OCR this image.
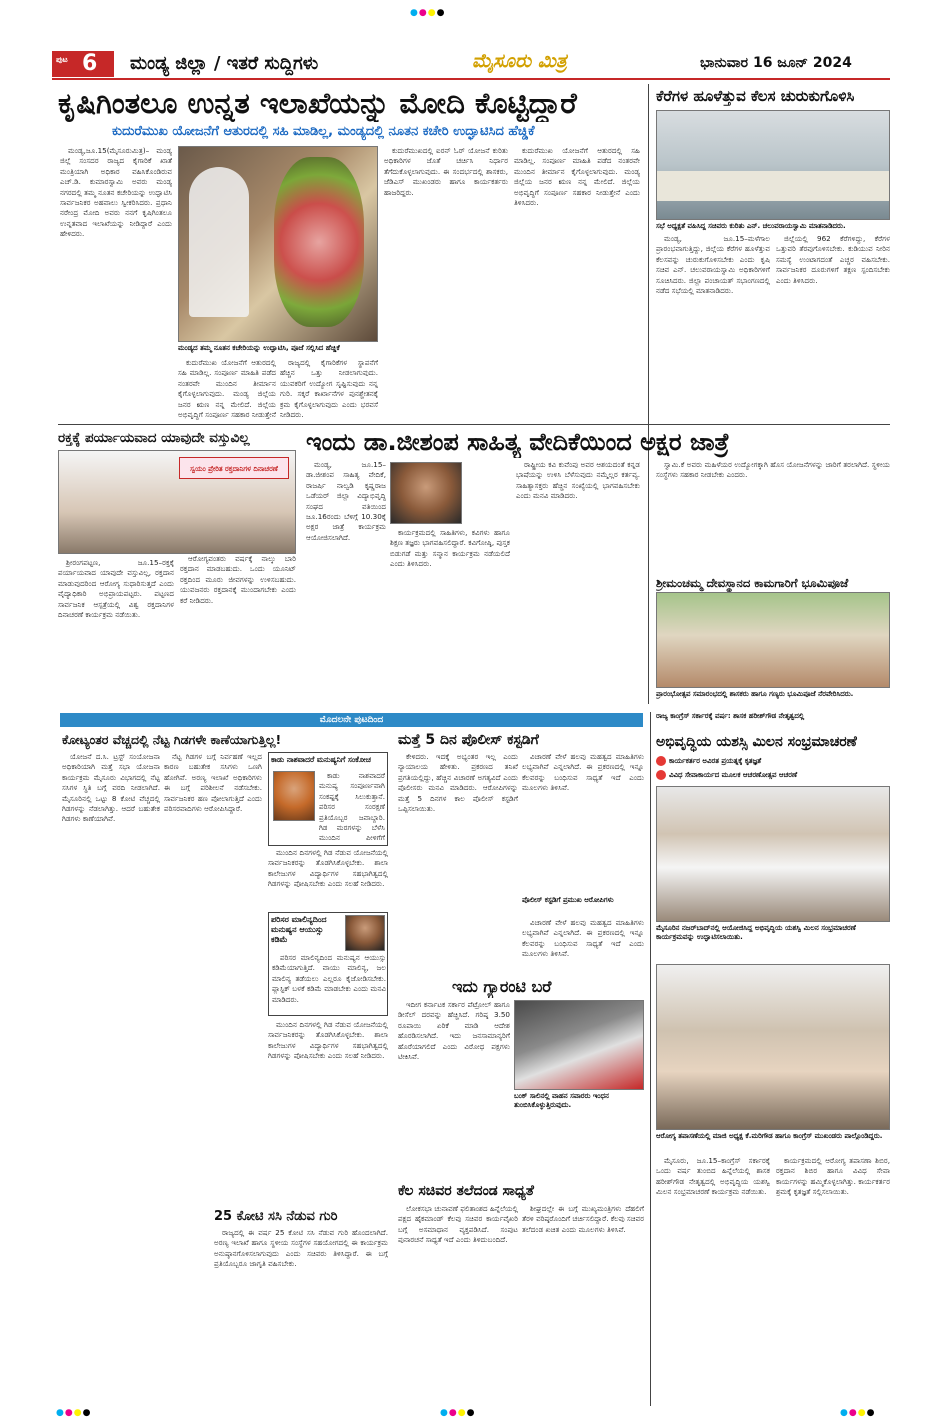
●●●●
ಪುಟ 6 ಮಂಡ್ಯ ಜಿಲ್ಲಾ / ಇತರೆ ಸುದ್ದಿಗಳು	ಮೈಸೂರು ಮಿತ್ರ	ಭಾನುವಾರ 16 ಜೂನ್ 2024
ಕೃಷಿಗಿಂತಲೂ ಉನ್ನತ ಇಲಾಖೆಯನ್ನು ಮೋದಿ ಕೊಟ್ಟಿದ್ದಾರೆ
ಕುದುರೆಮುಖ ಯೋಜನೆಗೆ ಆತುರದಲ್ಲಿ ಸಹಿ ಮಾಡಿಲ್ಲ, ಮಂಡ್ಯದಲ್ಲಿ ನೂತನ ಕಚೇರಿ ಉದ್ಘಾಟಿಸಿದ ಹೆಚ್ಡಿಕೆ

ಮಂಡ್ಯ,ಜೂ.15(ಮೈಸೂರುಮಿತ್ರ)– ಮಂಡ್ಯ ಜಿಲ್ಲೆ ಸಂಸದರ ರಾಜ್ಯದ ಕೈಗಾರಿಕೆ ಖಾತೆ ಮಂತ್ರಿಯಾಗಿ ಅಧಿಕಾರ ವಹಿಸಿಕೊಂಡಿರುವ ಎಚ್.ಡಿ. ಕುಮಾರಸ್ವಾಮಿ ಅವರು ಮಂಡ್ಯ ನಗರದಲ್ಲಿ ತಮ್ಮ ನೂತನ ಕಚೇರಿಯನ್ನು ಉದ್ಘಾಟಿಸಿ ಸಾರ್ವಜನಿಕರ ಅಹವಾಲು ಸ್ವೀಕರಿಸಿದರು. ಪ್ರಧಾನಿ ನರೇಂದ್ರ ಮೋದಿ ಅವರು ನನಗೆ ಕೃಷಿಗಿಂತಲೂ ಉನ್ನತವಾದ ಇಲಾಖೆಯನ್ನು ನೀಡಿದ್ದಾರೆ ಎಂದು ಹೇಳಿದರು.

ಮಂಡ್ಯದ ತಮ್ಮ ನೂತನ ಕಚೇರಿಯನ್ನು ಉದ್ಘಾಟಿಸಿ, ಪೂಜೆ ಸಲ್ಲಿಸಿದ ಹೆಚ್ಡಿಕೆ

ಕುದುರೆಮುಖ ಯೋಜನೆಗೆ ಆತುರದಲ್ಲಿ ಸಹಿ ಮಾಡಿಲ್ಲ. ಸಂಪೂರ್ಣ ಮಾಹಿತಿ ಪಡೆದ ನಂತರವೇ ಮುಂದಿನ ತೀರ್ಮಾನ ಕೈಗೊಳ್ಳಲಾಗುವುದು. ಮಂಡ್ಯ ಜಿಲ್ಲೆಯ ಜನರ ಋಣ ನನ್ನ ಮೇಲಿದೆ. ಜಿಲ್ಲೆಯ ಅಭಿವೃದ್ಧಿಗೆ ಸಂಪೂರ್ಣ ಸಹಕಾರ ನೀಡುತ್ತೇನೆ

ರಾಜ್ಯದಲ್ಲಿ ಕೈಗಾರಿಕೆಗಳ ಸ್ಥಾಪನೆಗೆ ಹೆಚ್ಚಿನ ಒತ್ತು ನೀಡಲಾಗುವುದು. ಯುವಕರಿಗೆ ಉದ್ಯೋಗ ಸೃಷ್ಟಿಸುವುದು ನನ್ನ ಗುರಿ. ಸಕ್ಕರೆ ಕಾರ್ಖಾನೆಗಳ ಪುನಶ್ಚೇತನಕ್ಕೆ ಕ್ರಮ ಕೈಗೊಳ್ಳಲಾಗುವುದು ಎಂದು ಭರವಸೆ ನೀಡಿದರು.

ಕುದುರೆಮುಖದಲ್ಲಿ ಐರನ್ ಓರ್ ಯೋಜನೆ ಕುರಿತು ಅಧಿಕಾರಿಗಳ ಜೊತೆ ಚರ್ಚಿಸಿ ನಿರ್ಧಾರ ತೆಗೆದುಕೊಳ್ಳಲಾಗುವುದು. ಈ ಸಂದರ್ಭದಲ್ಲಿ ಶಾಸಕರು, ಜೆಡಿಎಸ್ ಮುಖಂಡರು ಹಾಗೂ ಕಾರ್ಯಕರ್ತರು ಹಾಜರಿದ್ದರು.

ಕುದುರೆಮುಖ ಯೋಜನೆಗೆ ಆತುರದಲ್ಲಿ ಸಹಿ ಮಾಡಿಲ್ಲ. ಸಂಪೂರ್ಣ ಮಾಹಿತಿ ಪಡೆದ ನಂತರವೇ ಮುಂದಿನ ತೀರ್ಮಾನ ಕೈಗೊಳ್ಳಲಾಗುವುದು. ಮಂಡ್ಯ ಜಿಲ್ಲೆಯ ಜನರ ಋಣ ನನ್ನ ಮೇಲಿದೆ. ಜಿಲ್ಲೆಯ ಅಭಿವೃದ್ಧಿಗೆ ಸಂಪೂರ್ಣ ಸಹಕಾರ ನೀಡುತ್ತೇನೆ ಎಂದು ತಿಳಿಸಿದರು.

ಕೆರೆಗಳ ಹೂಳೆತ್ತುವ ಕೆಲಸ ಚುರುಕುಗೊಳಿಸಿ
ಸಭೆ ಅಧ್ಯಕ್ಷತೆ ವಹಿಸಿದ್ದ ಸಚಿವರು ಕುರಿತು ಎನ್. ಚಲುವರಾಯಸ್ವಾಮಿ ಮಾತನಾಡಿದರು.

ಮಂಡ್ಯ, ಜೂ.15–ಮಳೆಗಾಲ ಪ್ರಾರಂಭವಾಗುತ್ತಿದ್ದು, ಜಿಲ್ಲೆಯ ಕೆರೆಗಳ ಹೂಳೆತ್ತುವ ಕೆಲಸವನ್ನು ಚುರುಕುಗೊಳಿಸಬೇಕು ಎಂದು ಕೃಷಿ ಸಚಿವ ಎನ್. ಚಲುವರಾಯಸ್ವಾಮಿ ಅಧಿಕಾರಿಗಳಿಗೆ ಸೂಚಿಸಿದರು. ಜಿಲ್ಲಾ ಪಂಚಾಯತ್ ಸಭಾಂಗಣದಲ್ಲಿ ನಡೆದ ಸಭೆಯಲ್ಲಿ ಮಾತನಾಡಿದರು.

ಜಿಲ್ಲೆಯಲ್ಲಿ 962 ಕೆರೆಗಳಿದ್ದು, ಕೆರೆಗಳ ಒತ್ತುವರಿ ತೆರವುಗೊಳಿಸಬೇಕು. ಕುಡಿಯುವ ನೀರಿನ ಸಮಸ್ಯೆ ಉಂಟಾಗದಂತೆ ಎಚ್ಚರ ವಹಿಸಬೇಕು. ಸಾರ್ವಜನಿಕರ ದೂರುಗಳಿಗೆ ತಕ್ಷಣ ಸ್ಪಂದಿಸಬೇಕು ಎಂದು ತಿಳಿಸಿದರು.

ರಕ್ತಕ್ಕೆ ಪರ್ಯಾಯವಾದ ಯಾವುದೇ ವಸ್ತುವಿಲ್ಲ
ಸ್ವಯಂ ಪ್ರೇರಿತ ರಕ್ತದಾನಿಗಳ ದಿನಾಚರಣೆ

ಶ್ರೀರಂಗಪಟ್ಟಣ, ಜೂ.15–ರಕ್ತಕ್ಕೆ ಪರ್ಯಾಯವಾದ ಯಾವುದೇ ವಸ್ತುವಿಲ್ಲ, ರಕ್ತದಾನ ಮಾಡುವುದರಿಂದ ಆರೋಗ್ಯ ಸುಧಾರಿಸುತ್ತದೆ ಎಂದು ವೈದ್ಯಾಧಿಕಾರಿ ಅಭಿಪ್ರಾಯಪಟ್ಟರು. ಪಟ್ಟಣದ ಸಾರ್ವಜನಿಕ ಆಸ್ಪತ್ರೆಯಲ್ಲಿ ವಿಶ್ವ ರಕ್ತದಾನಿಗಳ ದಿನಾಚರಣೆ ಕಾರ್ಯಕ್ರಮ ನಡೆಯಿತು.

ಆರೋಗ್ಯವಂತರು ವರ್ಷಕ್ಕೆ ನಾಲ್ಕು ಬಾರಿ ರಕ್ತದಾನ ಮಾಡಬಹುದು. ಒಂದು ಯೂನಿಟ್ ರಕ್ತದಿಂದ ಮೂರು ಜೀವಗಳನ್ನು ಉಳಿಸಬಹುದು. ಯುವಜನರು ರಕ್ತದಾನಕ್ಕೆ ಮುಂದಾಗಬೇಕು ಎಂದು ಕರೆ ನೀಡಿದರು.

ಇಂದು ಡಾ.ಜೀಶಂಪ ಸಾಹಿತ್ಯ ವೇದಿಕೆಯಿಂದ ಅಕ್ಷರ ಜಾತ್ರೆ

ಮಂಡ್ಯ, ಜೂ.15–ಡಾ.ಜೀಶಂಪ ಸಾಹಿತ್ಯ ವೇದಿಕೆ, ರಾಜರ್ಷಿ ನಾಲ್ವಡಿ ಕೃಷ್ಣರಾಜ ಒಡೆಯರ್ ಜಿಲ್ಲಾ ವಿದ್ಯಾಭಿವೃದ್ಧಿ ಸಂಘದ ವತಿಯಿಂದ ಜೂ.16ರಂದು ಬೆಳಿಗ್ಗೆ 10.30ಕ್ಕೆ ಅಕ್ಷರ ಜಾತ್ರೆ ಕಾರ್ಯಕ್ರಮ ಆಯೋಜಿಸಲಾಗಿದೆ.

ಕಾರ್ಯಕ್ರಮದಲ್ಲಿ ಸಾಹಿತಿಗಳು, ಕವಿಗಳು ಹಾಗೂ ಶಿಕ್ಷಣ ತಜ್ಞರು ಭಾಗವಹಿಸಲಿದ್ದಾರೆ. ಕವಿಗೋಷ್ಠಿ, ಪುಸ್ತಕ ಬಿಡುಗಡೆ ಮತ್ತು ಸನ್ಮಾನ ಕಾರ್ಯಕ್ರಮ ನಡೆಯಲಿದೆ ಎಂದು ತಿಳಿಸಿದರು.

ರಾಷ್ಟ್ರೀಯ ಕವಿ ಕುವೆಂಪು ಅವರ ಆಶಯದಂತೆ ಕನ್ನಡ ಭಾಷೆಯನ್ನು ಉಳಿಸಿ ಬೆಳೆಸುವುದು ನಮ್ಮೆಲ್ಲರ ಕರ್ತವ್ಯ. ಸಾಹಿತ್ಯಾಸಕ್ತರು ಹೆಚ್ಚಿನ ಸಂಖ್ಯೆಯಲ್ಲಿ ಭಾಗವಹಿಸಬೇಕು ಎಂದು ಮನವಿ ಮಾಡಿದರು.

ಸ್ವಾಮಿ.ಕೆ ಅವರು ಮಹಿಳೆಯರ ಉದ್ಯೋಗಕ್ಕಾಗಿ ಹೊಸ ಯೋಜನೆಗಳನ್ನು ಜಾರಿಗೆ ತರಲಾಗಿದೆ. ಸ್ಥಳೀಯ ಸಂಸ್ಥೆಗಳು ಸಹಕಾರ ನೀಡಬೇಕು ಎಂದರು.

ಶ್ರೀಮಂಚಮ್ಮ ದೇವಸ್ಥಾನದ ಕಾಮಗಾರಿಗೆ ಭೂಮಿಪೂಜೆ
ಪ್ರಾರಂಭೋತ್ಸವ ಸಮಾರಂಭದಲ್ಲಿ ಶಾಸಕರು ಹಾಗೂ ಗಣ್ಯರು ಭೂಮಿಪೂಜೆ ನೆರವೇರಿಸಿದರು.
ಮೊದಲನೇ ಪುಟದಿಂದ
ಕೋಟ್ಯಂತರ ವೆಚ್ಚದಲ್ಲಿ ನೆಟ್ಟ ಗಿಡಗಳೇ ಕಾಣೆಯಾಗುತ್ತಿಲ್ಲ!

ಯೋಜನೆ ದ.ಸಿ. ಟ್ರಸ್ಟ್ ಸಂಯೋಜನಾ ಅಧಿಕಾರಿಯಾಗಿ ಮತ್ತೆ ಸಭಾ ಯೋಜನಾ ಕಾರ್ಯಕ್ರಮ ಮೈಸೂರು ವಿಭಾಗದಲ್ಲಿ ನೆಟ್ಟ ಸಸಿಗಳ ಸ್ಥಿತಿ ಬಗ್ಗೆ ವರದಿ ನೀಡಲಾಗಿದೆ. ಮೈಸೂರಿನಲ್ಲಿ ಒಟ್ಟು 8 ಕೋಟಿ ವೆಚ್ಚದಲ್ಲಿ ಗಿಡಗಳನ್ನು ನೆಡಲಾಗಿತ್ತು. ಆದರೆ ಬಹುತೇಕ ಗಿಡಗಳು ಕಾಣೆಯಾಗಿವೆ.

ನೆಟ್ಟ ಗಿಡಗಳ ಬಗ್ಗೆ ನಿರ್ವಹಣೆ ಇಲ್ಲದ ಕಾರಣ ಬಹುತೇಕ ಸಸಿಗಳು ಒಣಗಿ ಹೋಗಿವೆ. ಅರಣ್ಯ ಇಲಾಖೆ ಅಧಿಕಾರಿಗಳು ಈ ಬಗ್ಗೆ ಪರಿಶೀಲನೆ ನಡೆಸಬೇಕು. ಸಾರ್ವಜನಿಕರ ಹಣ ಪೋಲಾಗುತ್ತಿದೆ ಎಂದು ಪರಿಸರವಾದಿಗಳು ಆರೋಪಿಸಿದ್ದಾರೆ.

ಕಾಡು ನಾಶವಾದರೆ ಮನುಷ್ಯನಿಗೆ ಸಂಕೋಚ

ಕಾಡು ನಾಶವಾದರೆ ಮನುಷ್ಯ ಸಂಪೂರ್ಣವಾಗಿ ಸಂಕಷ್ಟಕ್ಕೆ ಸಿಲುಕುತ್ತಾನೆ. ಪರಿಸರ ಸಂರಕ್ಷಣೆ ಪ್ರತಿಯೊಬ್ಬರ ಜವಾಬ್ದಾರಿ. ಗಿಡ ಮರಗಳನ್ನು ಬೆಳೆಸಿ ಮುಂದಿನ ಪೀಳಿಗೆಗೆ

ಮುಂದಿನ ದಿನಗಳಲ್ಲಿ ಗಿಡ ನೆಡುವ ಯೋಜನೆಯಲ್ಲಿ ಸಾರ್ವಜನಿಕರನ್ನು ತೊಡಗಿಸಿಕೊಳ್ಳಬೇಕು. ಶಾಲಾ ಕಾಲೇಜುಗಳ ವಿದ್ಯಾರ್ಥಿಗಳ ಸಹಭಾಗಿತ್ವದಲ್ಲಿ ಗಿಡಗಳನ್ನು ಪೋಷಿಸಬೇಕು ಎಂದು ಸಲಹೆ ನೀಡಿದರು.

ಪರಿಸರ ಮಾಲಿನ್ಯದಿಂದ ಮನುಷ್ಯನ ಆಯುಸ್ಸು ಕಡಿಮೆ

ಪರಿಸರ ಮಾಲಿನ್ಯದಿಂದ ಮನುಷ್ಯನ ಆಯುಸ್ಸು ಕಡಿಮೆಯಾಗುತ್ತಿದೆ. ವಾಯು ಮಾಲಿನ್ಯ, ಜಲ ಮಾಲಿನ್ಯ ತಡೆಯಲು ಎಲ್ಲರೂ ಕೈಜೋಡಿಸಬೇಕು. ಪ್ಲಾಸ್ಟಿಕ್ ಬಳಕೆ ಕಡಿಮೆ ಮಾಡಬೇಕು ಎಂದು ಮನವಿ ಮಾಡಿದರು.

ಮುಂದಿನ ದಿನಗಳಲ್ಲಿ ಗಿಡ ನೆಡುವ ಯೋಜನೆಯಲ್ಲಿ ಸಾರ್ವಜನಿಕರನ್ನು ತೊಡಗಿಸಿಕೊಳ್ಳಬೇಕು. ಶಾಲಾ ಕಾಲೇಜುಗಳ ವಿದ್ಯಾರ್ಥಿಗಳ ಸಹಭಾಗಿತ್ವದಲ್ಲಿ ಗಿಡಗಳನ್ನು ಪೋಷಿಸಬೇಕು ಎಂದು ಸಲಹೆ ನೀಡಿದರು.

25 ಕೋಟಿ ಸಸಿ ನೆಡುವ ಗುರಿ

ರಾಜ್ಯದಲ್ಲಿ ಈ ವರ್ಷ 25 ಕೋಟಿ ಸಸಿ ನೆಡುವ ಗುರಿ ಹೊಂದಲಾಗಿದೆ. ಅರಣ್ಯ ಇಲಾಖೆ ಹಾಗೂ ಸ್ಥಳೀಯ ಸಂಸ್ಥೆಗಳ ಸಹಯೋಗದಲ್ಲಿ ಈ ಕಾರ್ಯಕ್ರಮ ಅನುಷ್ಠಾನಗೊಳಿಸಲಾಗುವುದು ಎಂದು ಸಚಿವರು ತಿಳಿಸಿದ್ದಾರೆ. ಈ ಬಗ್ಗೆ ಪ್ರತಿಯೊಬ್ಬರೂ ಜಾಗೃತಿ ವಹಿಸಬೇಕು.

ಮತ್ತೆ 5 ದಿನ ಪೊಲೀಸ್ ಕಸ್ಟಡಿಗೆ

ಕೇಳಿದರು. ಇದಕ್ಕೆ ಅಭ್ಯಂತರ ಇಲ್ಲ ಎಂದು ನ್ಯಾಯಾಲಯ ಹೇಳಿತು. ಪ್ರಕರಣದ ತನಿಖೆ ಪ್ರಗತಿಯಲ್ಲಿದ್ದು, ಹೆಚ್ಚಿನ ವಿಚಾರಣೆ ಅಗತ್ಯವಿದೆ ಎಂದು ಪೊಲೀಸರು ಮನವಿ ಮಾಡಿದರು. ಆರೋಪಿಗಳನ್ನು ಮತ್ತೆ 5 ದಿನಗಳ ಕಾಲ ಪೊಲೀಸ್ ಕಸ್ಟಡಿಗೆ ಒಪ್ಪಿಸಲಾಯಿತು.

ವಿಚಾರಣೆ ವೇಳೆ ಹಲವು ಮಹತ್ವದ ಮಾಹಿತಿಗಳು ಲಭ್ಯವಾಗಿವೆ ಎನ್ನಲಾಗಿದೆ. ಈ ಪ್ರಕರಣದಲ್ಲಿ ಇನ್ನೂ ಕೆಲವರನ್ನು ಬಂಧಿಸುವ ಸಾಧ್ಯತೆ ಇದೆ ಎಂದು ಮೂಲಗಳು ತಿಳಿಸಿವೆ.

ಪೊಲೀಸ್ ಕಸ್ಟಡಿಗೆ ಪ್ರಮುಖ ಆರೋಪಿಗಳು

ವಿಚಾರಣೆ ವೇಳೆ ಹಲವು ಮಹತ್ವದ ಮಾಹಿತಿಗಳು ಲಭ್ಯವಾಗಿವೆ ಎನ್ನಲಾಗಿದೆ. ಈ ಪ್ರಕರಣದಲ್ಲಿ ಇನ್ನೂ ಕೆಲವರನ್ನು ಬಂಧಿಸುವ ಸಾಧ್ಯತೆ ಇದೆ ಎಂದು ಮೂಲಗಳು ತಿಳಿಸಿವೆ.

ಇದು ಗ್ಯಾರಂಟಿ ಬರೆ

ಇದೀಗ ಕರ್ನಾಟಕ ಸರ್ಕಾರ ಪೆಟ್ರೋಲ್ ಹಾಗೂ ಡೀಸೆಲ್ ದರವನ್ನು ಹೆಚ್ಚಿಸಿದೆ. ಗರಿಷ್ಠ 3.50 ರೂಪಾಯಿ ಏರಿಕೆ ಮಾಡಿ ಆದೇಶ ಹೊರಡಿಸಲಾಗಿದೆ. ಇದು ಜನಸಾಮಾನ್ಯರಿಗೆ ಹೊರೆಯಾಗಲಿದೆ ಎಂದು ವಿರೋಧ ಪಕ್ಷಗಳು ಟೀಕಿಸಿವೆ.

ಬಂಕ್ ಸಾಲಿನಲ್ಲಿ ವಾಹನ ಸವಾರರು ಇಂಧನ ತುಂಬಿಸಿಕೊಳ್ಳುತ್ತಿರುವುದು.
ಕೆಲ ಸಚಿವರ ತಲೆದಂಡ ಸಾಧ್ಯತೆ

ಲೋಕಸಭಾ ಚುನಾವಣೆ ಫಲಿತಾಂಶದ ಹಿನ್ನೆಲೆಯಲ್ಲಿ ಪಕ್ಷದ ಹೈಕಮಾಂಡ್ ಕೆಲವು ಸಚಿವರ ಕಾರ್ಯವೈಖರಿ ಬಗ್ಗೆ ಅಸಮಾಧಾನ ವ್ಯಕ್ತಪಡಿಸಿದೆ. ಸಂಪುಟ ಪುನಾರಚನೆ ಸಾಧ್ಯತೆ ಇದೆ ಎಂದು ತಿಳಿದುಬಂದಿದೆ.

ಶೀಘ್ರದಲ್ಲೇ ಈ ಬಗ್ಗೆ ಮುಖ್ಯಮಂತ್ರಿಗಳು ದೆಹಲಿಗೆ ತೆರಳಿ ವರಿಷ್ಠರೊಂದಿಗೆ ಚರ್ಚಿಸಲಿದ್ದಾರೆ. ಕೆಲವು ಸಚಿವರ ತಲೆದಂಡ ಖಚಿತ ಎಂದು ಮೂಲಗಳು ತಿಳಿಸಿವೆ.

ರಾಜ್ಯ ಕಾಂಗ್ರೆಸ್ ಸರ್ಕಾರಕ್ಕೆ ವರ್ಷ: ಶಾಸಕ ಹರೀಶ್‌ಗೌಡ ನೇತೃತ್ವದಲ್ಲಿ
ಅಭಿವೃದ್ಧಿಯ ಯಶಸ್ಸಿ ಮಿಲನ ಸಂಭ್ರಮಾಚರಣೆ
ಕಾರ್ಯಕರ್ತರ ಅವಿರತ ಪ್ರಯತ್ನಕ್ಕೆ ಕೃತಜ್ಞತೆ
ವಿವಿಧ ಸೇವಾಕಾರ್ಯದ ಮೂಲಕ ಆಚರಣೋತ್ಸವ ಆಚರಣೆ
ಮೈಸೂರಿನ ನಜರ್‌ಬಾದ್‌ನಲ್ಲಿ ಆಯೋಜಿಸಿದ್ದ ಅಭಿವೃದ್ಧಿಯ ಯಶಸ್ವಿ ಮಿಲನ ಸಂಭ್ರಮಾಚರಣೆ ಕಾರ್ಯಕ್ರಮವನ್ನು ಉದ್ಘಾಟಿಸಲಾಯಿತು.
ಆರೋಗ್ಯ ತಪಾಸಣೆಯಲ್ಲಿ ಮಾಜಿ ಅಧ್ಯಕ್ಷ ಕೆ.ಮರಿಗೌಡ ಹಾಗೂ ಕಾಂಗ್ರೆಸ್ ಮುಖಂಡರು ಪಾಲ್ಗೊಂಡಿದ್ದರು.

ಮೈಸೂರು, ಜೂ.15–ಕಾಂಗ್ರೆಸ್ ಸರ್ಕಾರಕ್ಕೆ ಒಂದು ವರ್ಷ ತುಂಬಿದ ಹಿನ್ನೆಲೆಯಲ್ಲಿ ಶಾಸಕ ಹರೀಶ್‌ಗೌಡ ನೇತೃತ್ವದಲ್ಲಿ ಅಭಿವೃದ್ಧಿಯ ಯಶಸ್ವಿ ಮಿಲನ ಸಂಭ್ರಮಾಚರಣೆ ಕಾರ್ಯಕ್ರಮ ನಡೆಯಿತು.

ಕಾರ್ಯಕ್ರಮದಲ್ಲಿ ಆರೋಗ್ಯ ತಪಾಸಣಾ ಶಿಬಿರ, ರಕ್ತದಾನ ಶಿಬಿರ ಹಾಗೂ ವಿವಿಧ ಸೇವಾ ಕಾರ್ಯಗಳನ್ನು ಹಮ್ಮಿಕೊಳ್ಳಲಾಗಿತ್ತು. ಕಾರ್ಯಕರ್ತರ ಶ್ರಮಕ್ಕೆ ಕೃತಜ್ಞತೆ ಸಲ್ಲಿಸಲಾಯಿತು.

●●●●	●●●●	●●●●
